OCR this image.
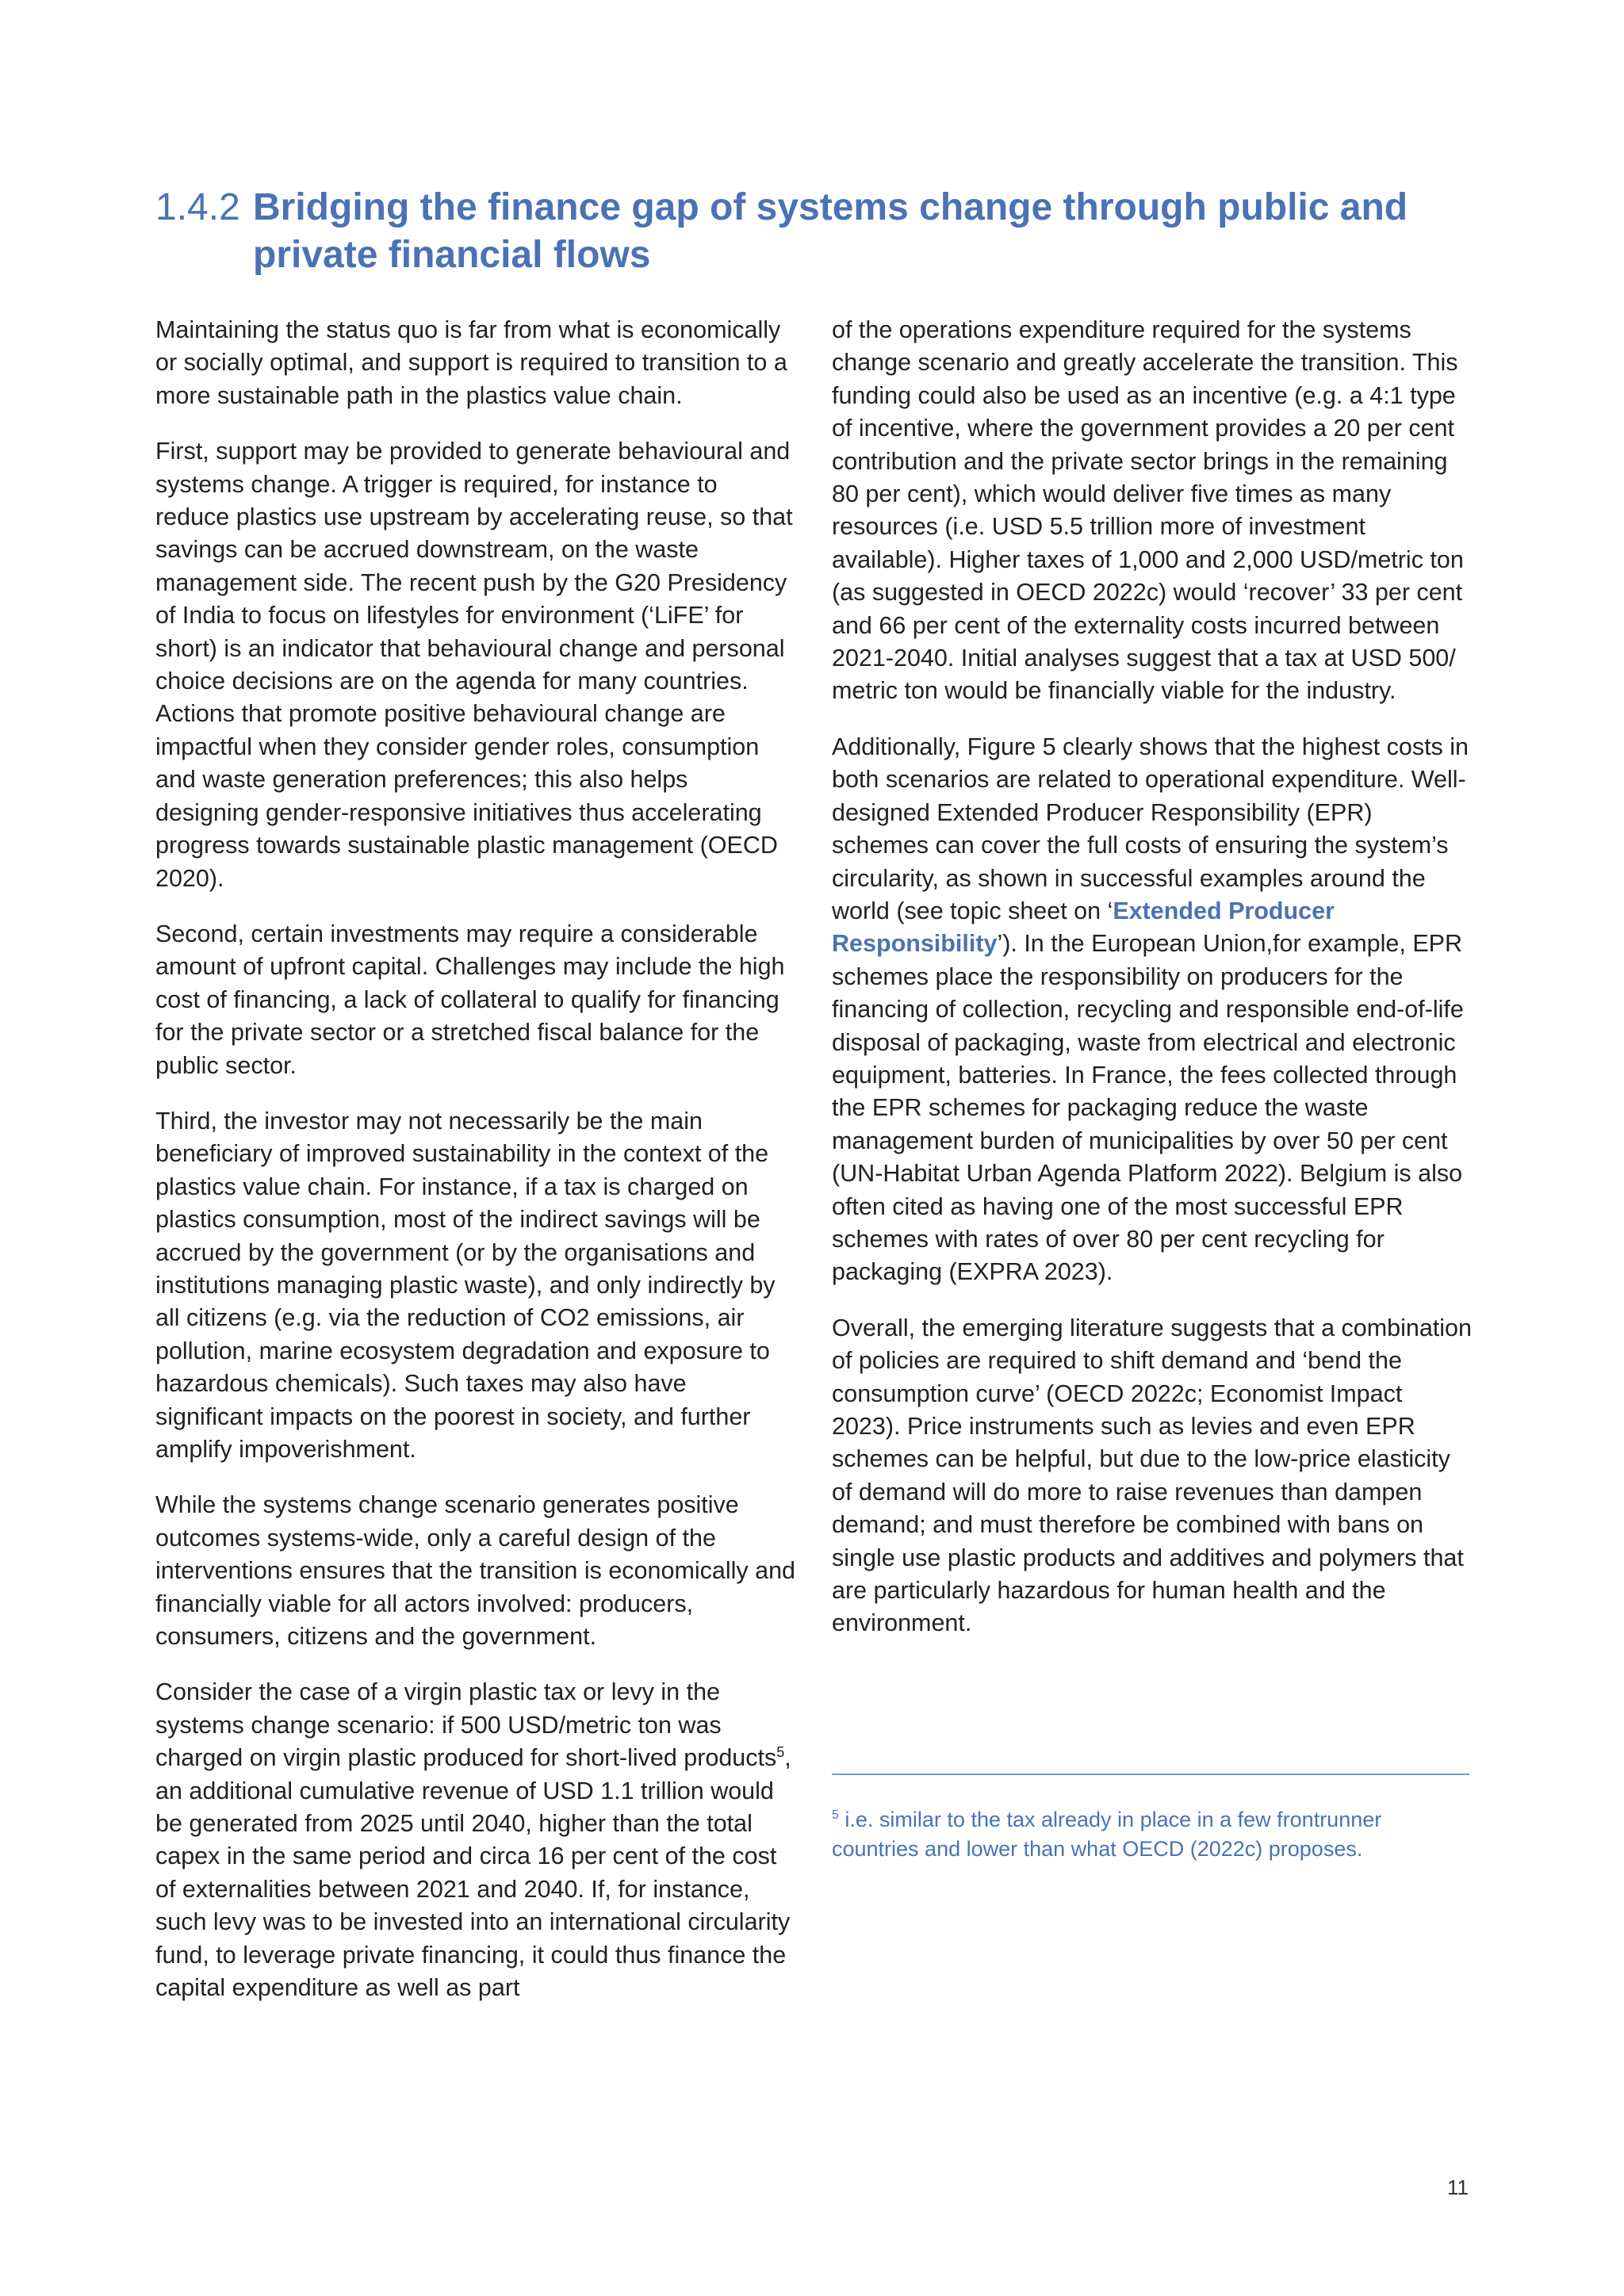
1.4.2 Bridging the finance gap of systems change through public and private financial flows

Maintaining the status quo is far from what is economically or socially optimal, and support is required to transition to a more sustainable path in the plastics value chain.

First, support may be provided to generate behavioural and systems change. A trigger is required, for instance to reduce plastics use upstream by accelerating reuse, so that savings can be accrued downstream, on the waste management side. The recent push by the G20 Presidency of India to focus on lifestyles for environment (‘LiFE’ for short) is an indicator that behavioural change and personal choice decisions are on the agenda for many countries. Actions that promote positive behavioural change are impactful when they consider gender roles, consumption and waste generation preferences; this also helps designing gender-responsive initiatives thus accelerating progress towards sustainable plastic management (OECD 2020).

Second, certain investments may require a considerable amount of upfront capital. Challenges may include the high cost of financing, a lack of collateral to qualify for financing for the private sector or a stretched fiscal balance for the public sector.

Third, the investor may not necessarily be the main beneficiary of improved sustainability in the context of the plastics value chain. For instance, if a tax is charged on plastics consumption, most of the indirect savings will be accrued by the government (or by the organisations and institutions managing plastic waste), and only indirectly by all citizens (e.g. via the reduction of CO2 emissions, air pollution, marine ecosystem degradation and exposure to hazardous chemicals). Such taxes may also have significant impacts on the poorest in society, and further amplify impoverishment.

While the systems change scenario generates positive outcomes systems-wide, only a careful design of the interventions ensures that the transition is economically and financially viable for all actors involved: producers, consumers, citizens and the government.

Consider the case of a virgin plastic tax or levy in the systems change scenario: if 500 USD/metric ton was charged on virgin plastic produced for short-lived products$^5$, an additional cumulative revenue of USD 1.1 trillion would be generated from 2025 until 2040, higher than the total capex in the same period and circa 16 per cent of the cost of externalities between 2021 and 2040. If, for instance, such levy was to be invested into an international circularity fund, to leverage private financing, it could thus finance the capital expenditure as well as part

of the operations expenditure required for the systems change scenario and greatly accelerate the transition. This funding could also be used as an incentive (e.g. a 4:1 type of incentive, where the government provides a 20 per cent contribution and the private sector brings in the remaining 80 per cent), which would deliver five times as many resources (i.e. USD 5.5 trillion more of investment available). Higher taxes of 1,000 and 2,000 USD/metric ton (as suggested in OECD 2022c) would ‘recover’ 33 per cent and 66 per cent of the externality costs incurred between 2021-2040. Initial analyses suggest that a tax at USD 500/ metric ton would be financially viable for the industry.

Additionally, Figure 5 clearly shows that the highest costs in both scenarios are related to operational expenditure. Well-designed Extended Producer Responsibility (EPR) schemes can cover the full costs of ensuring the system’s circularity, as shown in successful examples around the world (see topic sheet on ‘Extended Producer Responsibility’). In the European Union,for example, EPR schemes place the responsibility on producers for the financing of collection, recycling and responsible end-of-life disposal of packaging, waste from electrical and electronic equipment, batteries. In France, the fees collected through the EPR schemes for packaging reduce the waste management burden of municipalities by over 50 per cent (UN-Habitat Urban Agenda Platform 2022). Belgium is also often cited as having one of the most successful EPR schemes with rates of over 80 per cent recycling for packaging (EXPRA 2023).

Overall, the emerging literature suggests that a combination of policies are required to shift demand and ‘bend the consumption curve’ (OECD 2022c; Economist Impact 2023). Price instruments such as levies and even EPR schemes can be helpful, but due to the low-price elasticity of demand will do more to raise revenues than dampen demand; and must therefore be combined with bans on single use plastic products and additives and polymers that are particularly hazardous for human health and the environment.

$^5$ i.e. similar to the tax already in place in a few frontrunner countries and lower than what OECD (2022c) proposes.
11
